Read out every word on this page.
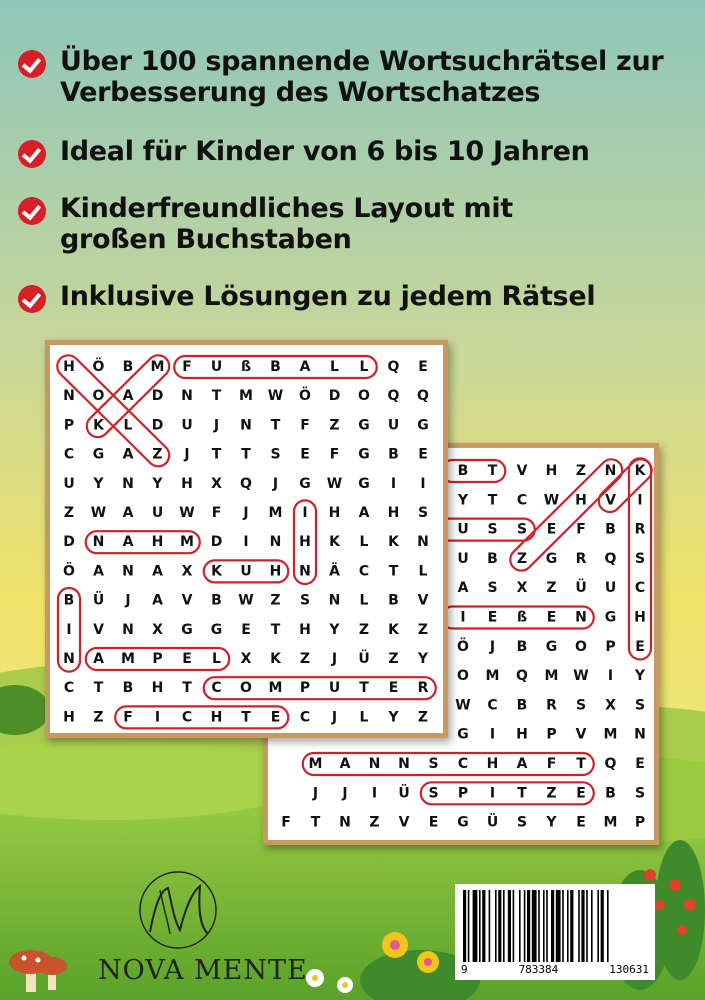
Über 100 spannende Wortsuchrätsel zur Verbesserung des Wortschatzes
Ideal für Kinder von 6 bis 10 Jahren
Kinderfreundliches Layout mit großen Buchstaben
Inklusive Lösungen zu jedem Rätsel
B T V H Z N K
Y T C W H V I
U S S E F B R
U B Z G R Q S
A S X Z Ü U C
I E ß E N G H
Ö J B G O P E
O M Q M W I Y
W C B R S X S
G I H P V M N
M A N N S C H A F T Q E
J J I Ü S P I T Z E B S
F T N Z V E G Ü S Y E M P
H Ö B M F U ß B A L L Q E
N O A D N T M W Ö D O Q Q
P K L D U J N T F Z G U G
C G A Z J T T S E F G B E
U Y N Y H X Q J G W G I I
Z W A U W F J M I H A H S
D N A H M D I N H K L K N
Ö A N A X K U H N Ä C T L
B Ü J A V B W Z S N L B V
I V N X G G E T H Y Z K Z
N A M P E L X K Z J Ü Z Y
C T B H T C O M P U T E R
H Z F I C H T E C J L Y Z
NOVA MENTE	9	783384	130631
